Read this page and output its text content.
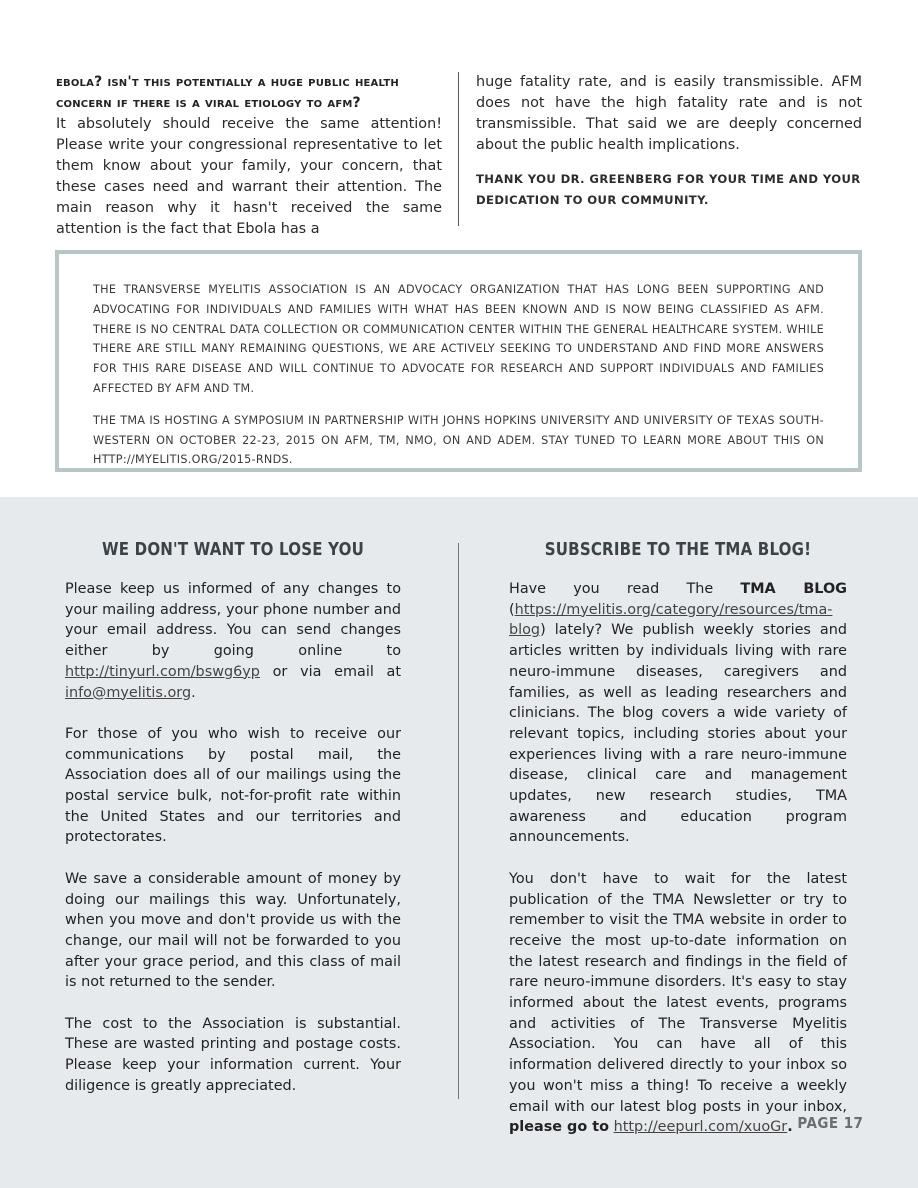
ebola? isn't this potentially a huge public health concern if there is a viral etiology to afm?
It absolutely should receive the same attention! Please write your congressional representative to let them know about your family, your concern, that these cases need and warrant their attention. The main reason why it hasn't received the same attention is the fact that Ebola has a
huge fatality rate, and is easily transmissible. AFM does not have the high fatality rate and is not transmissible. That said we are deeply concerned about the public health implications.
THANK YOU DR. GREENBERG FOR YOUR TIME AND YOUR DEDICATION TO OUR COMMUNITY.

THE TRANSVERSE MYELITIS ASSOCIATION IS AN ADVOCACY ORGANIZATION THAT HAS LONG BEEN SUPPORTING AND ADVOCATING FOR INDIVIDUALS AND FAMILIES WITH WHAT HAS BEEN KNOWN AND IS NOW BEING CLASSIFIED AS AFM. THERE IS NO CENTRAL DATA COLLECTION OR COMMUNICATION CENTER WITHIN THE GENERAL HEALTHCARE SYSTEM. WHILE THERE ARE STILL MANY REMAINING QUESTIONS, WE ARE ACTIVELY SEEKING TO UNDERSTAND AND FIND MORE ANSWERS FOR THIS RARE DISEASE AND WILL CONTINUE TO ADVOCATE FOR RESEARCH AND SUPPORT INDIVIDUALS AND FAMILIES AFFECTED BY AFM AND TM.

THE TMA IS HOSTING A SYMPOSIUM IN PARTNERSHIP WITH JOHNS HOPKINS UNIVERSITY AND UNIVERSITY OF TEXAS SOUTH-WESTERN ON OCTOBER 22-23, 2015 ON AFM, TM, NMO, ON AND ADEM. STAY TUNED TO LEARN MORE ABOUT THIS ON HTTP://MYELITIS.ORG/2015-RNDS.

WE DON'T WANT TO LOSE YOU

Please keep us informed of any changes to your mailing address, your phone number and your email address. You can send changes either by going online to http://tinyurl.com/bswg6yp or via email at info@myelitis.org.

For those of you who wish to receive our communications by postal mail, the Association does all of our mailings using the postal service bulk, not-for-profit rate within the United States and our territories and protectorates.

We save a considerable amount of money by doing our mailings this way. Unfortunately, when you move and don't provide us with the change, our mail will not be forwarded to you after your grace period, and this class of mail is not returned to the sender.

The cost to the Association is substantial. These are wasted printing and postage costs. Please keep your information current. Your diligence is greatly appreciated.

SUBSCRIBE TO THE TMA BLOG!

Have you read The TMA BLOG (https://myelitis.org/category/resources/tma-blog) lately? We publish weekly stories and articles written by individuals living with rare neuro-immune diseases, caregivers and families, as well as leading researchers and clinicians. The blog covers a wide variety of relevant topics, including stories about your experiences living with a rare neuro-immune disease, clinical care and management updates, new research studies, TMA awareness and education program announcements.

You don't have to wait for the latest publication of the TMA Newsletter or try to remember to visit the TMA website in order to receive the most up-to-date information on the latest research and findings in the field of rare neuro-immune disorders. It's easy to stay informed about the latest events, programs and activities of The Transverse Myelitis Association. You can have all of this information delivered directly to your inbox so you won't miss a thing! To receive a weekly email with our latest blog posts in your inbox, please go to http://eepurl.com/xuoGr. PAGE 17
